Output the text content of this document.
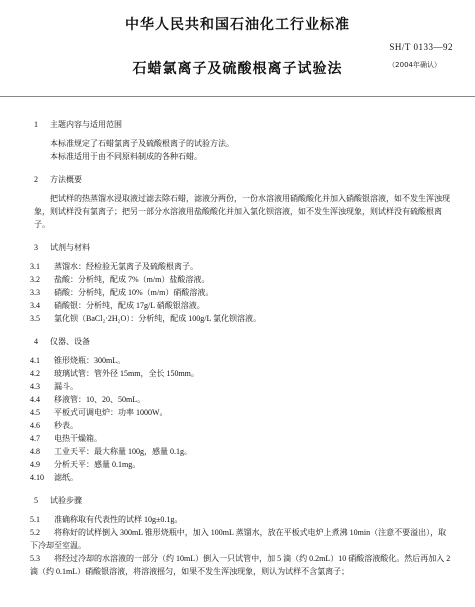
中华人民共和国石油化工行业标准
SH/T 0133—92
石蜡氯离子及硫酸根离子试验法	（2004年确认）

1 主题内容与适用范围

本标准规定了石蜡氯离子及硫酸根离子的试验方法。

本标准适用于由不同原料制成的各种石蜡。

2 方法概要

把试样的热蒸馏水浸取液过滤去除石蜡，滤液分两份，一份水溶液用硝酸酸化并加入硝酸银溶液，如不发生浑浊现象，则试样没有氯离子；把另一部分水溶液用盐酸酸化并加入氯化钡溶液，如不发生浑浊现象，则试样没有硫酸根离子。

3 试剂与材料

3.1 蒸馏水：经检验无氯离子及硫酸根离子。

3.2 盐酸：分析纯，配成 7%（m/m）盐酸溶液。

3.3 硝酸：分析纯，配成 10%（m/m）硝酸溶液。

3.4 硝酸银：分析纯，配成 17g/L 硝酸银溶液。

3.5 氯化钡（BaCl₂·2H₂O）：分析纯，配成 100g/L 氯化钡溶液。

4 仪器、设备

4.1 锥形烧瓶：300mL。

4.2 玻璃试管：管外径 15mm，全长 150mm。

4.3 漏斗。

4.4 移液管：10、20、50mL。

4.5 平板式可调电炉：功率 1000W。

4.6 秒表。

4.7 电热干燥箱。

4.8 工业天平：最大称量 100g，感量 0.1g。

4.9 分析天平：感量 0.1mg。

4.10 滤纸。

5 试验步骤

5.1 准确称取有代表性的试样 10g±0.1g。

5.2 将称好的试样倒入 300mL 锥形烧瓶中，加入 100mL 蒸馏水，放在平板式电炉上煮沸 10min（注意不要溢出），取下冷却至室温。

5.3 将经过冷却的水溶液的一部分（约 10mL）倒入一只试管中，加 5 滴（约 0.2mL）10 硝酸溶液酸化。然后再加入 2 滴（约 0.1mL）硝酸银溶液，将溶液摇匀，如果不发生浑浊现象，则认为试样不含氯离子；
